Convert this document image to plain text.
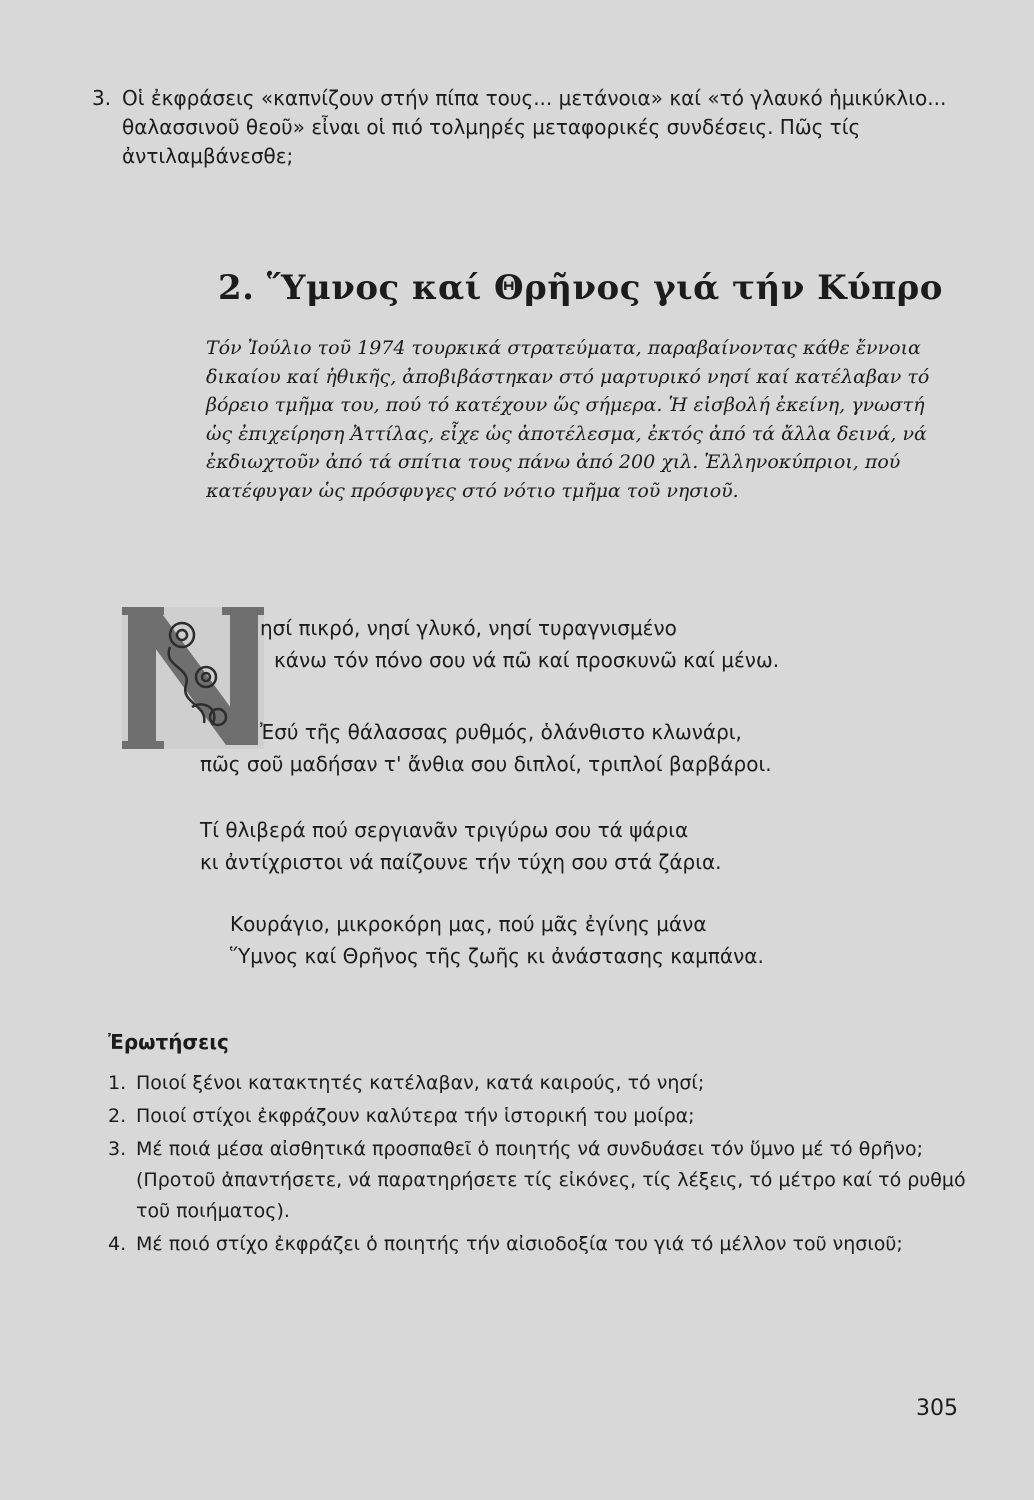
3. Οἱ ἐκφράσεις «καπνίζουν στήν πίπα τους... μετάνοια» καί «τό γλαυκό ἡμικύκλιο... θαλασσινοῦ θεοῦ» εἶναι οἱ πιό τολμηρές μεταφορικές συνδέσεις. Πῶς τίς ἀντιλαμβάνεσθε;
2. Ὕμνος καί Θρῆνος γιά τήν Κύπρο

Τόν Ἰούλιο τοῦ 1974 τουρκικά στρατεύματα, παραβαίνοντας κάθε ἔννοια δικαίου καί ἠθικῆς, ἀποβιβάστηκαν στό μαρτυρικό νησί καί κατέλαβαν τό βόρειο τμῆμα του, πού τό κατέχουν ὥς σήμερα. Ἡ εἰσβολή ἐκείνη, γνωστή ὡς ἐπιχείρηση Ἀττίλας, εἶχε ὡς ἀποτέλεσμα, ἐκτός ἀπό τά ἄλλα δεινά, νά ἐκδιωχτοῦν ἀπό τά σπίτια τους πάνω ἀπό 200 χιλ. Ἑλληνοκύπριοι, πού κατέφυγαν ὡς πρόσφυγες στό νότιο τμῆμα τοῦ νησιοῦ.

ησί πικρό, νησί γλυκό, νησί τυραγνισμένο
κάνω τόν πόνο σου νά πῶ καί προσκυνῶ καί μένω.
Ἐσύ τῆς θάλασσας ρυθμός, ὁλάνθιστο κλωνάρι,
πῶς σοῦ μαδήσαν τ' ἄνθια σου διπλοί, τριπλοί βαρβάροι.
Τί θλιβερά πού σεργιανᾶν τριγύρω σου τά ψάρια
κι ἀντίχριστοι νά παίζουνε τήν τύχη σου στά ζάρια.
Κουράγιο, μικροκόρη μας, πού μᾶς ἐγίνης μάνα
Ὕμνος καί Θρῆνος τῆς ζωῆς κι ἀνάστασης καμπάνα.
Ἐρωτήσεις
1. Ποιοί ξένοι κατακτητές κατέλαβαν, κατά καιρούς, τό νησί;
2. Ποιοί στίχοι ἐκφράζουν καλύτερα τήν ἱστορική του μοίρα;
3. Μέ ποιά μέσα αἰσθητικά προσπαθεῖ ὁ ποιητής νά συνδυάσει τόν ὕμνο μέ τό θρῆνο; (Προτοῦ ἀπαντήσετε, νά παρατηρήσετε τίς εἰκόνες, τίς λέξεις, τό μέτρο καί τό ρυθμό τοῦ ποιήματος).
4. Μέ ποιό στίχο ἐκφράζει ὁ ποιητής τήν αἰσιοδοξία του γιά τό μέλλον τοῦ νησιοῦ;
305
